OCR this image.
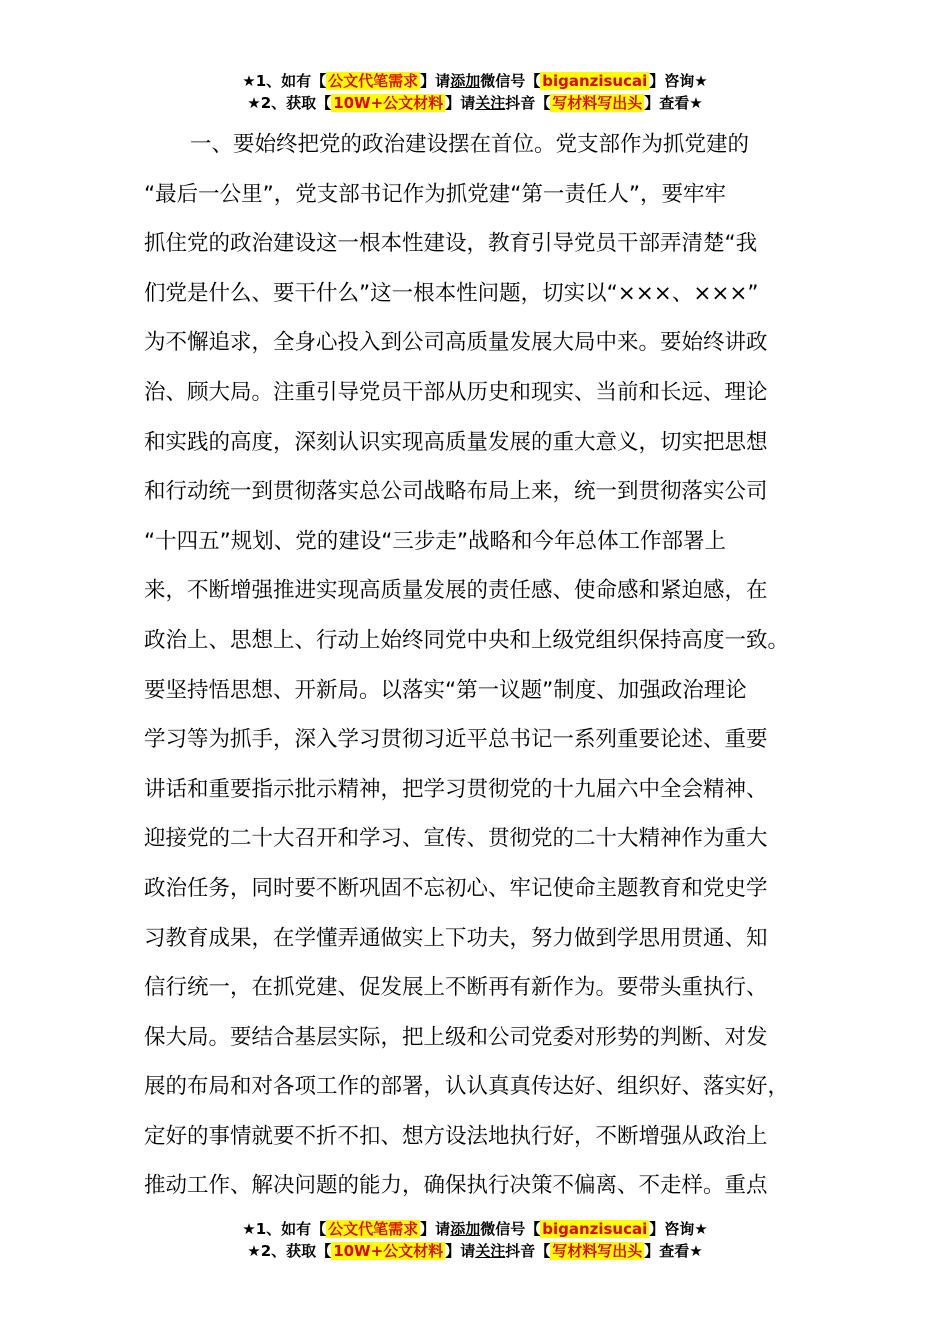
★1、如有【 公文代笔需求 】请添加微信号【 biganzisucai 】咨询★
★2、获取【 10W+公文材料 】请关注抖音【 写材料写出头 】查看★
一、要始终把党的政治建设摆在首位。党支部作为抓党建的
“最后一公里”，党支部书记作为抓党建“第一责任人”，要牢牢
抓住党的政治建设这一根本性建设，教育引导党员干部弄清楚“我
们党是什么、要干什么”这一根本性问题，切实以“×××、×××”
为不懈追求，全身心投入到公司高质量发展大局中来。要始终讲政
治、顾大局。注重引导党员干部从历史和现实、当前和长远、理论
和实践的高度，深刻认识实现高质量发展的重大意义，切实把思想
和行动统一到贯彻落实总公司战略布局上来，统一到贯彻落实公司
“十四五”规划、党的建设“三步走”战略和今年总体工作部署上
来，不断增强推进实现高质量发展的责任感、使命感和紧迫感，在
政治上、思想上、行动上始终同党中央和上级党组织保持高度一致。
要坚持悟思想、开新局。以落实“第一议题”制度、加强政治理论
学习等为抓手，深入学习贯彻习近平总书记一系列重要论述、重要
讲话和重要指示批示精神，把学习贯彻党的十九届六中全会精神、
迎接党的二十大召开和学习、宣传、贯彻党的二十大精神作为重大
政治任务，同时要不断巩固不忘初心、牢记使命主题教育和党史学
习教育成果，在学懂弄通做实上下功夫，努力做到学思用贯通、知
信行统一，在抓党建、促发展上不断再有新作为。要带头重执行、
保大局。要结合基层实际，把上级和公司党委对形势的判断、对发
展的布局和对各项工作的部署，认认真真传达好、组织好、落实好，
定好的事情就要不折不扣、想方设法地执行好，不断增强从政治上
推动工作、解决问题的能力，确保执行决策不偏离、不走样。重点
★1、如有【 公文代笔需求 】请添加微信号【 biganzisucai 】咨询★
★2、获取【 10W+公文材料 】请关注抖音【 写材料写出头 】查看★
